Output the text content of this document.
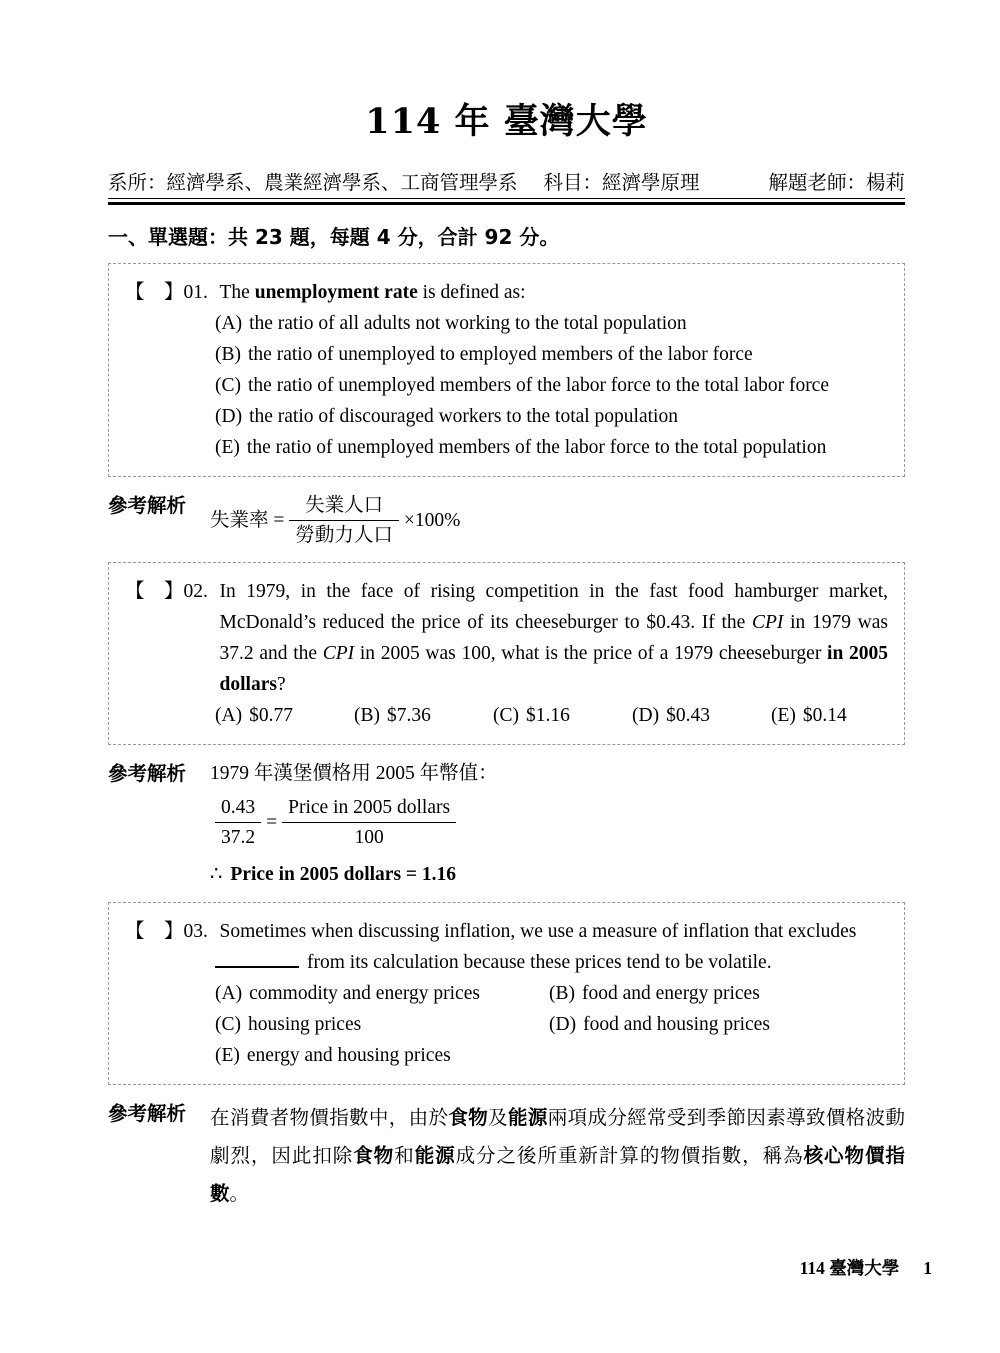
114 年 臺灣大學
系所：經濟學系、農業經濟學系、工商管理學系 科目：經濟學原理	解題老師：楊莉
一、單選題：共 23 題，每題 4 分，合計 92 分。
【　】 01. The unemployment rate is defined as:
(A) the ratio of all adults not working to the total population
(B) the ratio of unemployed to employed members of the labor force
(C) the ratio of unemployed members of the labor force to the total labor force
(D) the ratio of discouraged workers to the total population
(E) the ratio of unemployed members of the labor force to the total population
參考解析
失業率 = $\frac{\text{失業人口}}{\text{勞動力人口}} \times 100\%$
【　】 02. In 1979, in the face of rising competition in the fast food hamburger market, McDonald’s reduced the price of its cheeseburger to $0.43. If the CPI in 1979 was 37.2 and the CPI in 2005 was 100, what is the price of a 1979 cheeseburger in 2005 dollars?
(A) $0.77	(B) $7.36	(C) $1.16	(D) $0.43	(E) $0.14
參考解析	1979 年漢堡價格用 2005 年幣值：
$\frac{0.43}{37.2} = \frac{\text{Price in 2005 dollars}}{100}$
∴ Price in 2005 dollars = 1.16
【　】 03. Sometimes when discussing inflation, we use a measure of inflation that excludes
from its calculation because these prices tend to be volatile.
(A) commodity and energy prices	(B) food and energy prices
(C) housing prices	(D) food and housing prices
(E) energy and housing prices
參考解析	在消費者物價指數中，由於食物及能源兩項成分經常受到季節因素導致價格波動劇烈，因此扣除食物和能源成分之後所重新計算的物價指數，稱為核心物價指數。
114 臺灣大學 1
